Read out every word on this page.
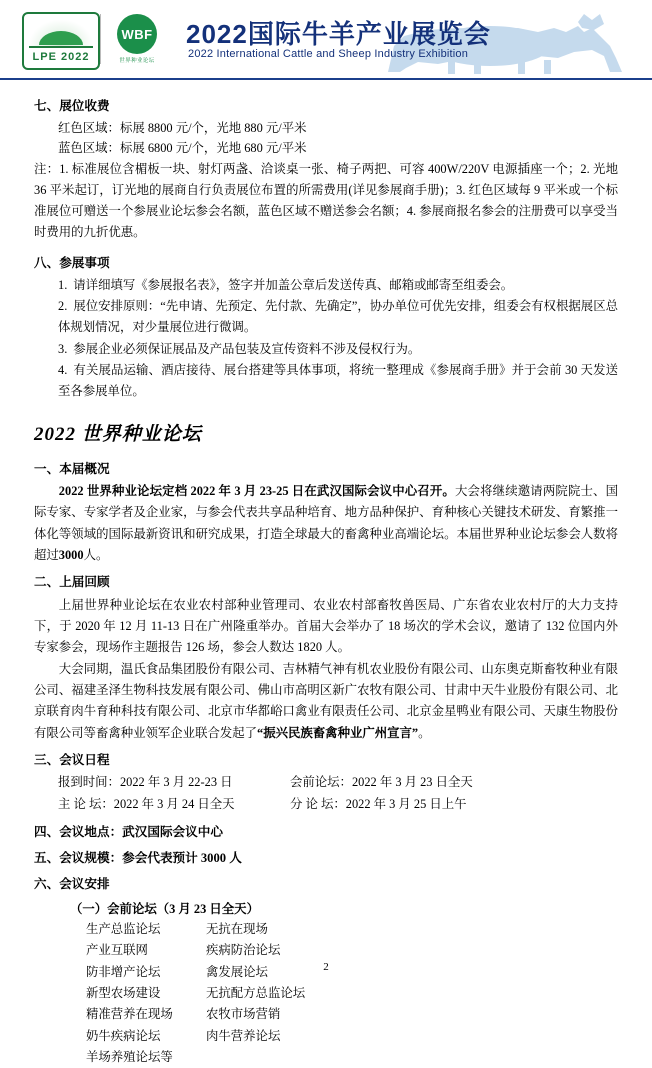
LPE 2022
WBF
世界种业论坛
2022国际牛羊产业展览会
2022 International Cattle and Sheep Industry Exhibition

七、展位收费

红色区域：标展 8800 元/个，光地 880 元/平米

蓝色区域：标展 6800 元/个，光地 680 元/平米

注：1. 标准展位含楣板一块、射灯两盏、洽谈桌一张、椅子两把、可容 400W/220V 电源插座一个；2. 光地 36 平米起订，订光地的展商自行负责展位布置的所需费用(详见参展商手册)；3. 红色区域每 9 平米或一个标准展位可赠送一个参展业论坛参会名额，蓝色区域不赠送参会名额；4. 参展商报名参会的注册费可以享受当时费用的九折优惠。

八、参展事项

1. 请详细填写《参展报名表》，签字并加盖公章后发送传真、邮箱或邮寄至组委会。

2. 展位安排原则：“先申请、先预定、先付款、先确定”，协办单位可优先安排，组委会有权根据展区总体规划情况，对少量展位进行微调。

3. 参展企业必须保证展品及产品包装及宣传资料不涉及侵权行为。

4. 有关展品运输、酒店接待、展台搭建等具体事项，将统一整理成《参展商手册》并于会前 30 天发送至各参展单位。

2022 世界种业论坛

一、本届概况

2022 世界种业论坛定档 2022 年 3 月 23-25 日在武汉国际会议中心召开。大会将继续邀请两院院士、国际专家、专家学者及企业家，与参会代表共享品种培育、地方品种保护、育种核心关键技术研发、育繁推一体化等领域的国际最新资讯和研究成果，打造全球最大的畜禽种业高端论坛。本届世界种业论坛参会人数将超过3000人。

二、上届回顾

上届世界种业论坛在农业农村部种业管理司、农业农村部畜牧兽医局、广东省农业农村厅的大力支持下，于 2020 年 12 月 11-13 日在广州隆重举办。首届大会举办了 18 场次的学术会议，邀请了 132 位国内外专家参会，现场作主题报告 126 场，参会人数达 1820 人。

大会同期，温氏食品集团股份有限公司、吉林精气神有机农业股份有限公司、山东奥克斯畜牧种业有限公司、福建圣泽生物科技发展有限公司、佛山市高明区新广农牧有限公司、甘肃中天牛业股份有限公司、北京联育肉牛育种科技有限公司、北京市华都峪口禽业有限责任公司、北京金星鸭业有限公司、天康生物股份有限公司等畜禽种业领军企业联合发起了“振兴民族畜禽种业广州宣言”。

三、会议日程

报到时间：2022 年 3 月 22-23 日	会前论坛：2022 年 3 月 23 日全天
主 论 坛：2022 年 3 月 24 日全天	分 论 坛：2022 年 3 月 25 日上午

四、会议地点：武汉国际会议中心

五、会议规模：参会代表预计 3000 人

六、会议安排

（一）会前论坛（3 月 23 日全天）

生产总监论坛	无抗在现场
产业互联网	疾病防治论坛
防非增产论坛	禽发展论坛
新型农场建设	无抗配方总监论坛
精准营养在现场	农牧市场营销
奶牛疾病论坛	肉牛营养论坛
羊场养殖论坛等
2
